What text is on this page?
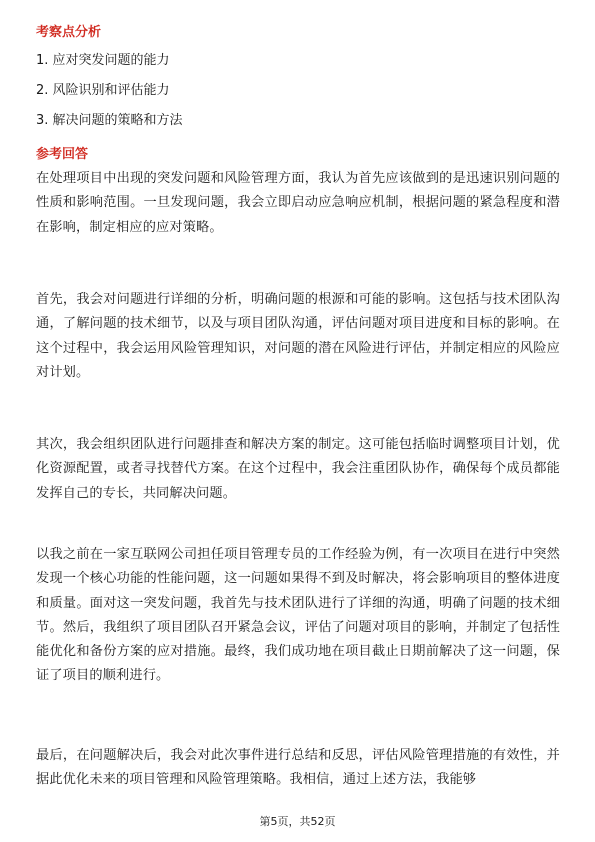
考察点分析
1. 应对突发问题的能力
2. 风险识别和评估能力
3. 解决问题的策略和方法
参考回答
在处理项目中出现的突发问题和风险管理方面，我认为首先应该做到的是迅速识别问题的性质和影响范围。一旦发现问题，我会立即启动应急响应机制，根据问题的紧急程度和潜在影响，制定相应的应对策略。
首先，我会对问题进行详细的分析，明确问题的根源和可能的影响。这包括与技术团队沟通，了解问题的技术细节，以及与项目团队沟通，评估问题对项目进度和目标的影响。在这个过程中，我会运用风险管理知识，对问题的潜在风险进行评估，并制定相应的风险应对计划。
其次，我会组织团队进行问题排查和解决方案的制定。这可能包括临时调整项目计划，优化资源配置，或者寻找替代方案。在这个过程中，我会注重团队协作，确保每个成员都能发挥自己的专长，共同解决问题。
以我之前在一家互联网公司担任项目管理专员的工作经验为例，有一次项目在进行中突然发现一个核心功能的性能问题，这一问题如果得不到及时解决，将会影响项目的整体进度和质量。面对这一突发问题，我首先与技术团队进行了详细的沟通，明确了问题的技术细节。然后，我组织了项目团队召开紧急会议，评估了问题对项目的影响，并制定了包括性能优化和备份方案的应对措施。最终，我们成功地在项目截止日期前解决了这一问题，保证了项目的顺利进行。
最后，在问题解决后，我会对此次事件进行总结和反思，评估风险管理措施的有效性，并据此优化未来的项目管理和风险管理策略。我相信，通过上述方法，我能够
第5页，共52页
